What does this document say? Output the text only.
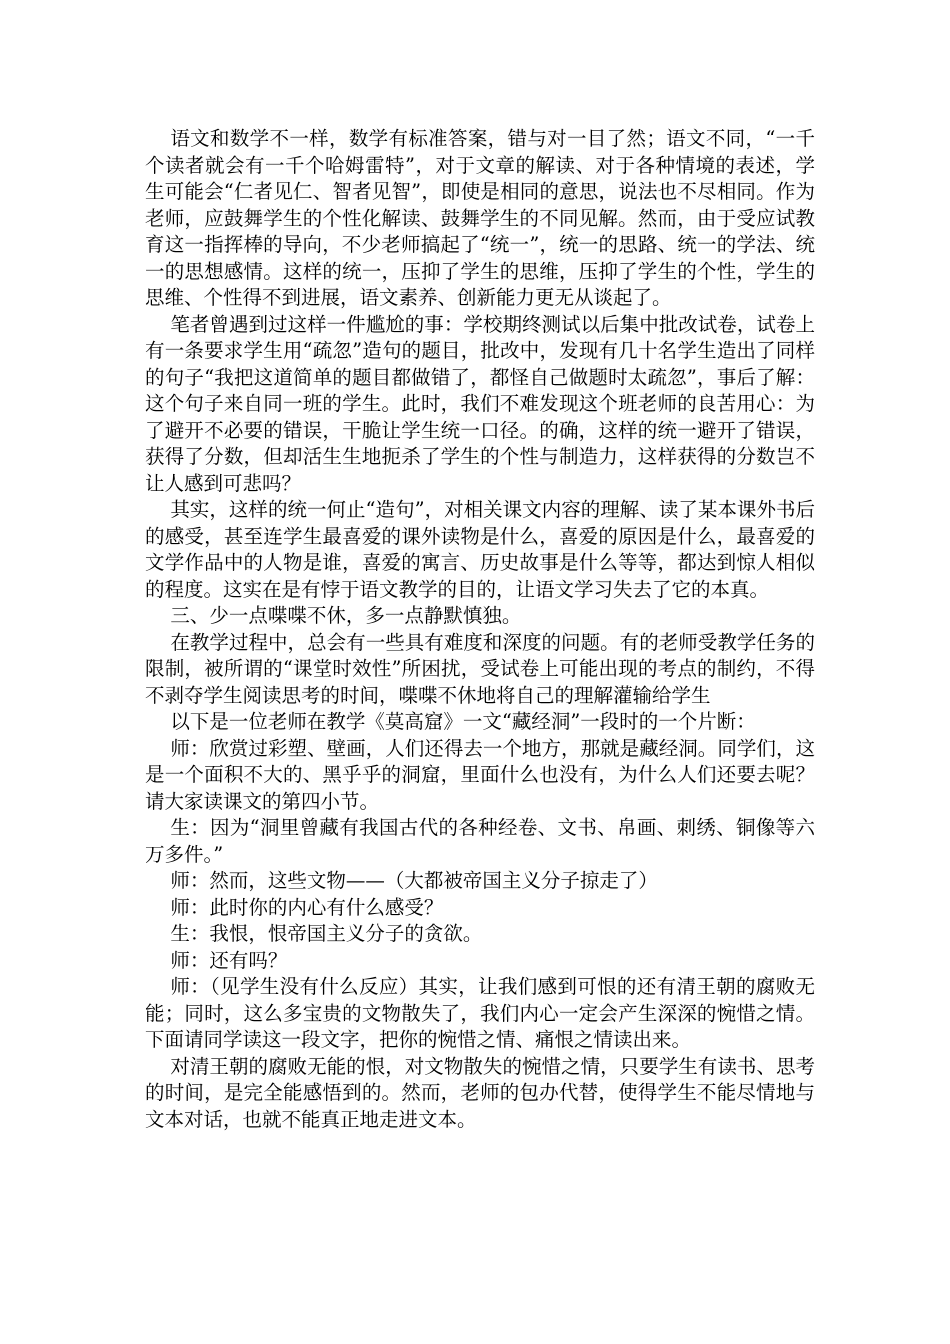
语文和数学不一样，数学有标准答案，错与对一目了然；语文不同，“一千个读者就会有一千个哈姆雷特”，对于文章的解读、对于各种情境的表述，学生可能会“仁者见仁、智者见智”，即使是相同的意思，说法也不尽相同。作为老师，应鼓舞学生的个性化解读、鼓舞学生的不同见解。然而，由于受应试教育这一指挥棒的导向，不少老师搞起了“统一”，统一的思路、统一的学法、统一的思想感情。这样的统一，压抑了学生的思维，压抑了学生的个性，学生的思维、个性得不到进展，语文素养、创新能力更无从谈起了。

笔者曾遇到过这样一件尴尬的事：学校期终测试以后集中批改试卷，试卷上有一条要求学生用“疏忽”造句的题目，批改中，发现有几十名学生造出了同样的句子“我把这道简单的题目都做错了，都怪自己做题时太疏忽”，事后了解：这个句子来自同一班的学生。此时，我们不难发现这个班老师的良苦用心：为了避开不必要的错误，干脆让学生统一口径。的确，这样的统一避开了错误，获得了分数，但却活生生地扼杀了学生的个性与制造力，这样获得的分数岂不让人感到可悲吗？

其实，这样的统一何止“造句”，对相关课文内容的理解、读了某本课外书后的感受，甚至连学生最喜爱的课外读物是什么，喜爱的原因是什么，最喜爱的文学作品中的人物是谁，喜爱的寓言、历史故事是什么等等，都达到惊人相似的程度。这实在是有悖于语文教学的目的，让语文学习失去了它的本真。

三、少一点喋喋不休，多一点静默慎独。

在教学过程中，总会有一些具有难度和深度的问题。有的老师受教学任务的限制，被所谓的“课堂时效性”所困扰，受试卷上可能出现的考点的制约，不得不剥夺学生阅读思考的时间，喋喋不休地将自己的理解灌输给学生

以下是一位老师在教学《莫高窟》一文“藏经洞”一段时的一个片断：

师：欣赏过彩塑、壁画，人们还得去一个地方，那就是藏经洞。同学们，这是一个面积不大的、黑乎乎的洞窟，里面什么也没有，为什么人们还要去呢？请大家读课文的第四小节。

生：因为“洞里曾藏有我国古代的各种经卷、文书、帛画、刺绣、铜像等六万多件。”

师：然而，这些文物——（大都被帝国主义分子掠走了）

师：此时你的内心有什么感受？

生：我恨，恨帝国主义分子的贪欲。

师：还有吗？

师：（见学生没有什么反应）其实，让我们感到可恨的还有清王朝的腐败无能；同时，这么多宝贵的文物散失了，我们内心一定会产生深深的惋惜之情。下面请同学读这一段文字，把你的惋惜之情、痛恨之情读出来。

对清王朝的腐败无能的恨，对文物散失的惋惜之情，只要学生有读书、思考的时间，是完全能感悟到的。然而，老师的包办代替，使得学生不能尽情地与文本对话，也就不能真正地走进文本。
